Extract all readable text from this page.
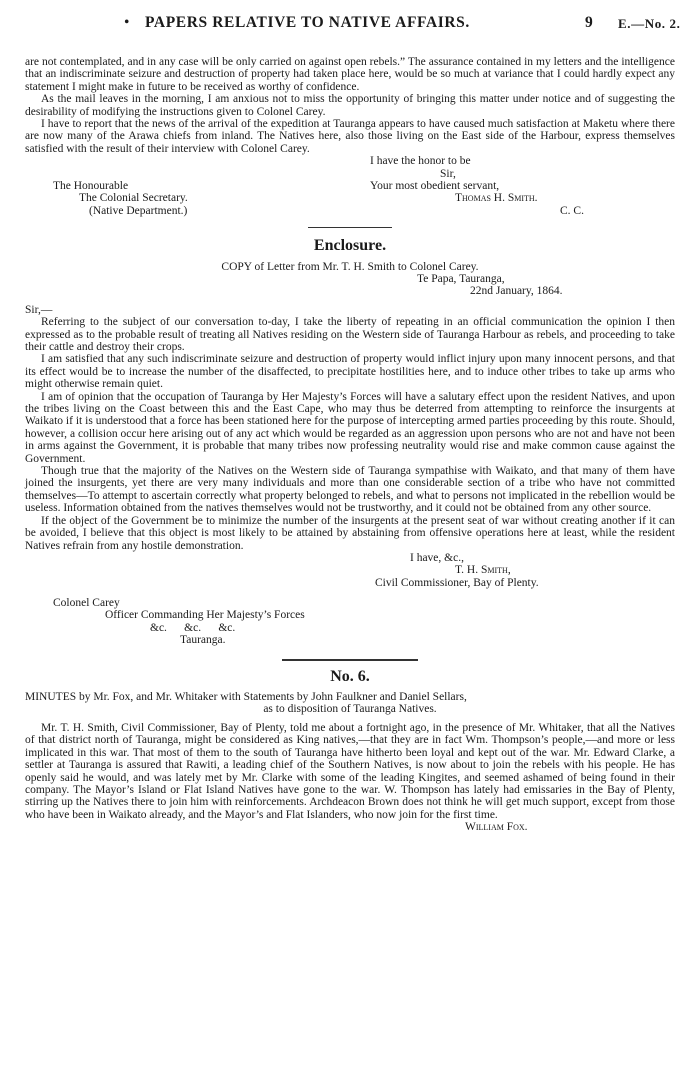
• PAPERS RELATIVE TO NATIVE AFFAIRS.	9 E.—No. 2.

are not contemplated, and in any case will be only carried on against open rebels.” The assurance contained in my letters and the intelligence that an indiscriminate seizure and destruction of property had taken place here, would be so much at variance that I could hardly expect any statement I might make in future to be received as worthy of confidence.

As the mail leaves in the morning, I am anxious not to miss the opportunity of bringing this matter under notice and of suggesting the desirability of modifying the instructions given to Colonel Carey.

I have to report that the news of the arrival of the expedition at Tauranga appears to have caused much satisfaction at Maketu where there are now many of the Arawa chiefs from inland. The Natives here, also those living on the East side of the Harbour, express themselves satisfied with the result of their interview with Colonel Carey.

I have the honor to be
Sir,
The Honourable	Your most obedient servant,
The Colonial Secretary.	Thomas H. Smith.
(Native Department.)	C. C.
Enclosure.
COPY of Letter from Mr. T. H. Smith to Colonel Carey.
Te Papa, Tauranga,
22nd January, 1864.
Sir,—

Referring to the subject of our conversation to-day, I take the liberty of repeating in an official communication the opinion I then expressed as to the probable result of treating all Natives residing on the Western side of Tauranga Harbour as rebels, and proceeding to take their cattle and destroy their crops.

I am satisfied that any such indiscriminate seizure and destruction of property would inflict injury upon many innocent persons, and that its effect would be to increase the number of the disaffected, to precipitate hostilities here, and to induce other tribes to take up arms who might otherwise remain quiet.

I am of opinion that the occupation of Tauranga by Her Majesty’s Forces will have a salutary effect upon the resident Natives, and upon the tribes living on the Coast between this and the East Cape, who may thus be deterred from attempting to reinforce the insurgents at Waikato if it is understood that a force has been stationed here for the purpose of intercepting armed parties proceeding by this route. Should, however, a collision occur here arising out of any act which would be regarded as an aggression upon persons who are not and have not been in arms against the Government, it is probable that many tribes now professing neutrality would rise and make common cause against the Government.

Though true that the majority of the Natives on the Western side of Tauranga sympathise with Waikato, and that many of them have joined the insurgents, yet there are very many individuals and more than one considerable section of a tribe who have not committed themselves—To attempt to ascertain correctly what property belonged to rebels, and what to persons not implicated in the rebellion would be useless. Information obtained from the natives themselves would not be trustworthy, and it could not be obtained from any other source.

If the object of the Government be to minimize the number of the insurgents at the present seat of war without creating another if it can be avoided, I believe that this object is most likely to be attained by abstaining from offensive operations here at least, while the resident Natives refrain from any hostile demonstration.

I have, &c.,
T. H. Smith,
Civil Commissioner, Bay of Plenty.
Colonel Carey
Officer Commanding Her Majesty’s Forces
&c.      &c.      &c.
Tauranga.
No. 6.
MINUTES by Mr. Fox, and Mr. Whitaker with Statements by John Faulkner and Daniel Sellars,
as to disposition of Tauranga Natives.

Mr. T. H. Smith, Civil Commissioner, Bay of Plenty, told me about a fortnight ago, in the presence of Mr. Whitaker, that all the Natives of that district north of Tauranga, might be considered as King natives,—that they are in fact Wm. Thompson’s people,—and more or less implicated in this war. That most of them to the south of Tauranga have hitherto been loyal and kept out of the war. Mr. Edward Clarke, a settler at Tauranga is assured that Rawiti, a leading chief of the Southern Natives, is now about to join the rebels with his people. He has openly said he would, and was lately met by Mr. Clarke with some of the leading Kingites, and seemed ashamed of being found in their company. The Mayor’s Island or Flat Island Natives have gone to the war. W. Thompson has lately had emissaries in the Bay of Plenty, stirring up the Natives there to join him with reinforcements. Archdeacon Brown does not think he will get much support, except from those who have been in Waikato already, and the Mayor’s and Flat Islanders, who now join for the first time.

William Fox.
